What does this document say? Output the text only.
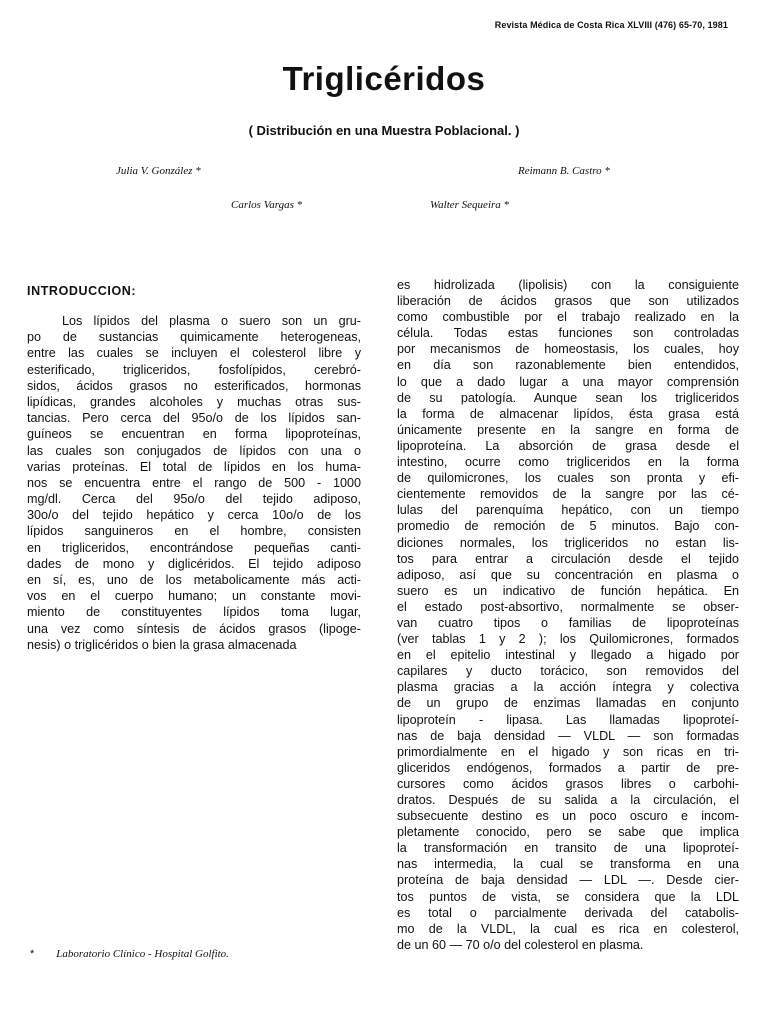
Revista Médica de Costa Rica XLVIII (476) 65-70, 1981
Triglicéridos
( Distribución en una Muestra Poblacional. )
Julia V. González *	Reimann B. Castro *
Carlos Vargas *	Walter Sequeira *
INTRODUCCION:
Los lípidos del plasma o suero son un gru-
po de sustancias quimicamente heterogeneas,
entre las cuales se incluyen el colesterol libre y
esterificado, trigliceridos, fosfolípidos, cerebró-
sidos, ácidos grasos no esterificados, hormonas
lipídicas, grandes alcoholes y muchas otras sus-
tancias. Pero cerca del 95o/o de los lípidos san-
guíneos se encuentran en forma lipoproteínas,
las cuales son conjugados de lípidos con una o
varias proteínas. El total de lípidos en los huma-
nos se encuentra entre el rango de 500 - 1000
mg/dl. Cerca del 95o/o del tejido adiposo,
30o/o del tejido hepático y cerca 10o/o de los
lípidos sanguineros en el hombre, consisten
en trigliceridos, encontrándose pequeñas canti-
dades de mono y diglicéridos. El tejido adiposo
en sí, es, uno de los metabolicamente más acti-
vos en el cuerpo humano; un constante movi-
miento de constituyentes lípidos toma lugar,
una vez como síntesis de ácidos grasos (lipoge-
nesis) o triglicéridos o bien la grasa almacenada
es hidrolizada (lipolisis) con la consiguiente
liberación de ácidos grasos que son utilizados
como combustible por el trabajo realizado en la
célula. Todas estas funciones son controladas
por mecanismos de homeostasis, los cuales, hoy
en día son razonablemente bien entendidos,
lo que a dado lugar a una mayor comprensión
de su patología. Aunque sean los trigliceridos
la forma de almacenar lipídos, ésta grasa está
únicamente presente en la sangre en forma de
lipoproteína. La absorción de grasa desde el
intestino, ocurre como trigliceridos en la forma
de quilomicrones, los cuales son pronta y efi-
cientemente removidos de la sangre por las cé-
lulas del parenquíma hepático, con un tiempo
promedio de remoción de 5 minutos. Bajo con-
diciones normales, los trigliceridos no estan lis-
tos para entrar a circulación desde el tejido
adiposo, así que su concentración en plasma o
suero es un indicativo de función hepática. En
el estado post-absortivo, normalmente se obser-
van cuatro tipos o familias de lipoproteínas
(ver tablas 1 y 2 ); los Quilomicrones, formados
en el epitelio intestinal y llegado a higado por
capilares y ducto torácico, son removidos del
plasma gracias a la acción íntegra y colectiva
de un grupo de enzimas llamadas en conjunto
lipoproteín - lipasa. Las llamadas lipoproteí-
nas de baja densidad — VLDL — son formadas
primordialmente en el higado y son ricas en tri-
gliceridos endógenos, formados a partir de pre-
cursores como ácidos grasos libres o carbohi-
dratos. Después de su salida a la circulación, el
subsecuente destino es un poco oscuro e incom-
pletamente conocido, pero se sabe que implica
la transformación en transito de una lipoproteí-
nas intermedia, la cual se transforma en una
proteína de baja densidad — LDL —. Desde cier-
tos puntos de vista, se considera que la LDL
es total o parcialmente derivada del catabolis-
mo de la VLDL, la cual es rica en colesterol,
de un 60 — 70 o/o del colesterol en plasma.
* Laboratorio Clínico - Hospital Golfito.
